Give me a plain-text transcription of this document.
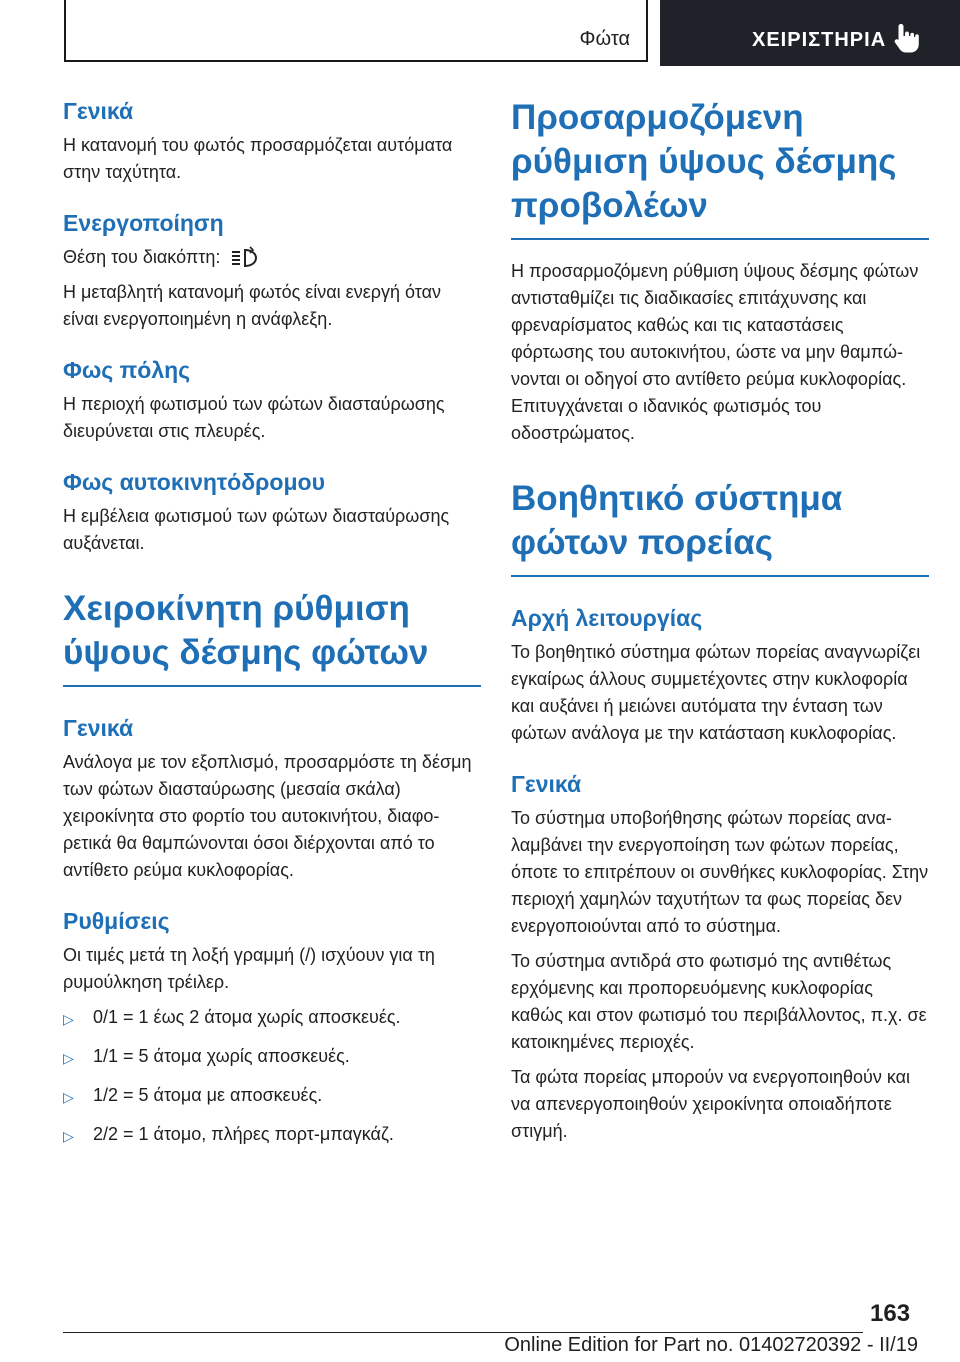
Φώτα	ΧΕΙΡΙΣΤΗΡΙΑ
Γενικά

Η κατανομή του φωτός προσαρμόζεται αυτόματα στην ταχύτητα.

Ενεργοποίηση
Θέση του διακόπτη:

Η μεταβλητή κατανομή φωτός είναι ενεργή όταν είναι ενεργοποιημένη η ανάφλεξη.

Φως πόλης

Η περιοχή φωτισμού των φώτων διασταύρωσης διευρύνεται στις πλευρές.

Φως αυτοκινητόδρομου

Η εμβέλεια φωτισμού των φώτων διασταύρωσης αυξάνεται.

Χειροκίνητη ρύθμιση ύψους δέσμης φώτων
Γενικά

Ανάλογα με τον εξοπλισμό, προσαρμόστε τη δέσμη των φώτων διασταύρωσης (μεσαία σκάλα) χειροκίνητα στο φορτίο του αυτοκινήτου, διαφορετικά θα θαμπώνονται όσοι διέρχονται από το αντίθετο ρεύμα κυκλοφορίας.

Ρυθμίσεις

Οι τιμές μετά τη λοξή γραμμή (/) ισχύουν για τη ρυμούλκηση τρέιλερ.

▷	0/1 = 1 έως 2 άτομα χωρίς αποσκευές.
▷	1/1 = 5 άτομα χωρίς αποσκευές.
▷	1/2 = 5 άτομα με αποσκευές.
▷	2/2 = 1 άτομο, πλήρες πορτ-μπαγκάζ.
Προσαρμοζόμενη ρύθμιση ύψους δέσμης προβολέων

Η προσαρμοζόμενη ρύθμιση ύψους δέσμης φώτων αντισταθμίζει τις διαδικασίες επιτάχυνσης και φρεναρίσματος καθώς και τις καταστάσεις φόρτωσης του αυτοκινήτου, ώστε να μην θαμπώνονται οι οδηγοί στο αντίθετο ρεύμα κυκλοφορίας. Επιτυγχάνεται ο ιδανικός φωτισμός του οδοστρώματος.

Βοηθητικό σύστημα φώτων πορείας
Αρχή λειτουργίας

Το βοηθητικό σύστημα φώτων πορείας αναγνωρίζει εγκαίρως άλλους συμμετέχοντες στην κυκλοφορία και αυξάνει ή μειώνει αυτόματα την ένταση των φώτων ανάλογα με την κατάσταση κυκλοφορίας.

Γενικά

Το σύστημα υποβοήθησης φώτων πορείας αναλαμβάνει την ενεργοποίηση των φώτων πορείας, όποτε το επιτρέπουν οι συνθήκες κυκλοφορίας. Στην περιοχή χαμηλών ταχυτήτων τα φως πορείας δεν ενεργοποιούνται από το σύστημα.

Το σύστημα αντιδρά στο φωτισμό της αντιθέτως ερχόμενης και προπορευόμενης κυκλοφορίας καθώς και στον φωτισμό του περιβάλλοντος, π.χ. σε κατοικημένες περιοχές.

Τα φώτα πορείας μπορούν να ενεργοποιηθούν και να απενεργοποιηθούν χειροκίνητα οποιαδήποτε στιγμή.

163
Online Edition for Part no. 01402720392 - II/19
